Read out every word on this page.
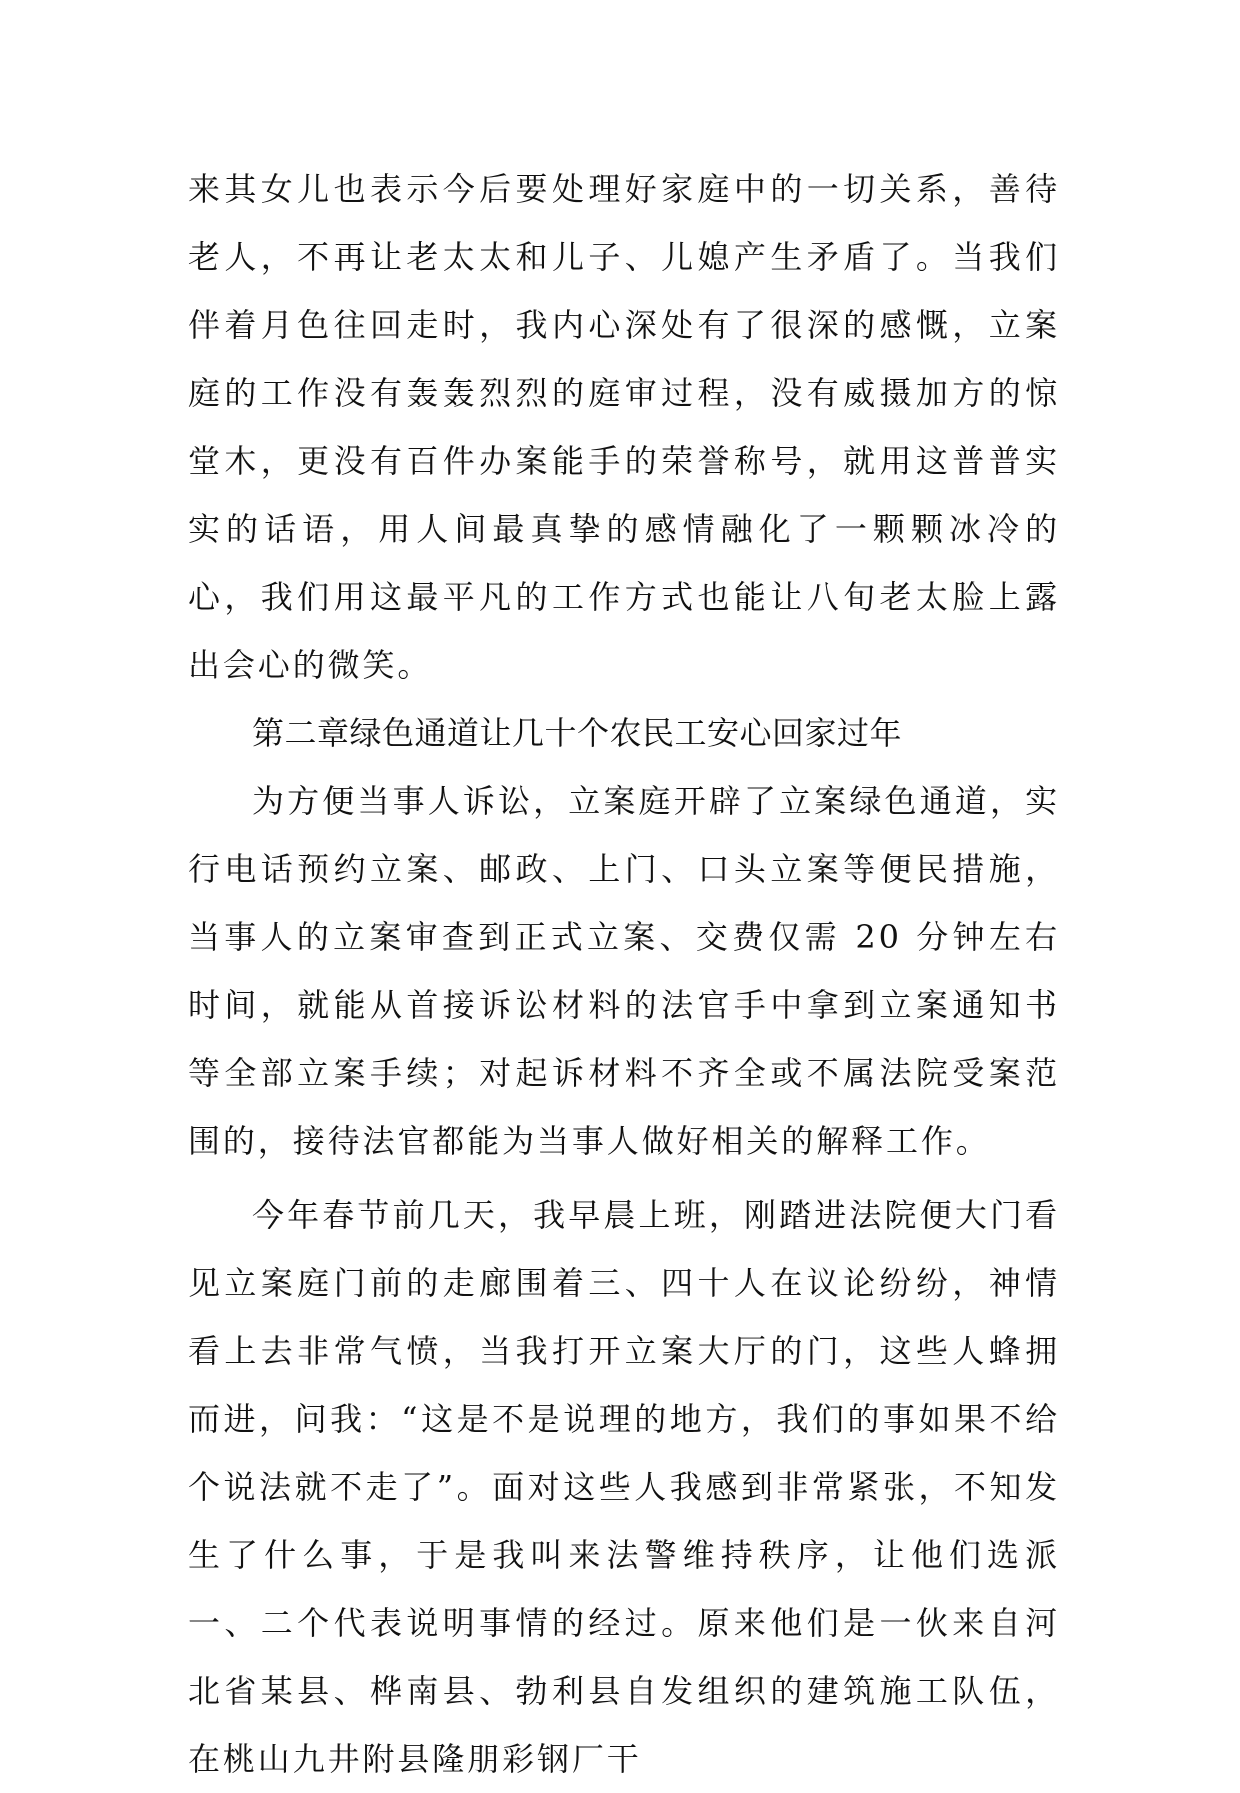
来其女儿也表示今后要处理好家庭中的一切关系，善待老人，不再让老太太和儿子、儿媳产生矛盾了。当我们伴着月色往回走时，我内心深处有了很深的感慨，立案庭的工作没有轰轰烈烈的庭审过程，没有威摄加方的惊堂木，更没有百件办案能手的荣誉称号，就用这普普实实的话语，用人间最真挚的感情融化了一颗颗冰冷的心，我们用这最平凡的工作方式也能让八旬老太脸上露出会心的微笑。

第二章绿色通道让几十个农民工安心回家过年

为方便当事人诉讼，立案庭开辟了立案绿色通道，实行电话预约立案、邮政、上门、口头立案等便民措施，当事人的立案审查到正式立案、交费仅需 20 分钟左右时间，就能从首接诉讼材料的法官手中拿到立案通知书等全部立案手续；对起诉材料不齐全或不属法院受案范围的，接待法官都能为当事人做好相关的解释工作。

今年春节前几天，我早晨上班，刚踏进法院便大门看见立案庭门前的走廊围着三、四十人在议论纷纷，神情看上去非常气愤，当我打开立案大厅的门，这些人蜂拥而进，问我：“这是不是说理的地方，我们的事如果不给个说法就不走了”。面对这些人我感到非常紧张，不知发生了什么事，于是我叫来法警维持秩序，让他们选派一、二个代表说明事情的经过。原来他们是一伙来自河北省某县、桦南县、勃利县自发组织的建筑施工队伍，在桃山九井附县隆朋彩钢厂干
